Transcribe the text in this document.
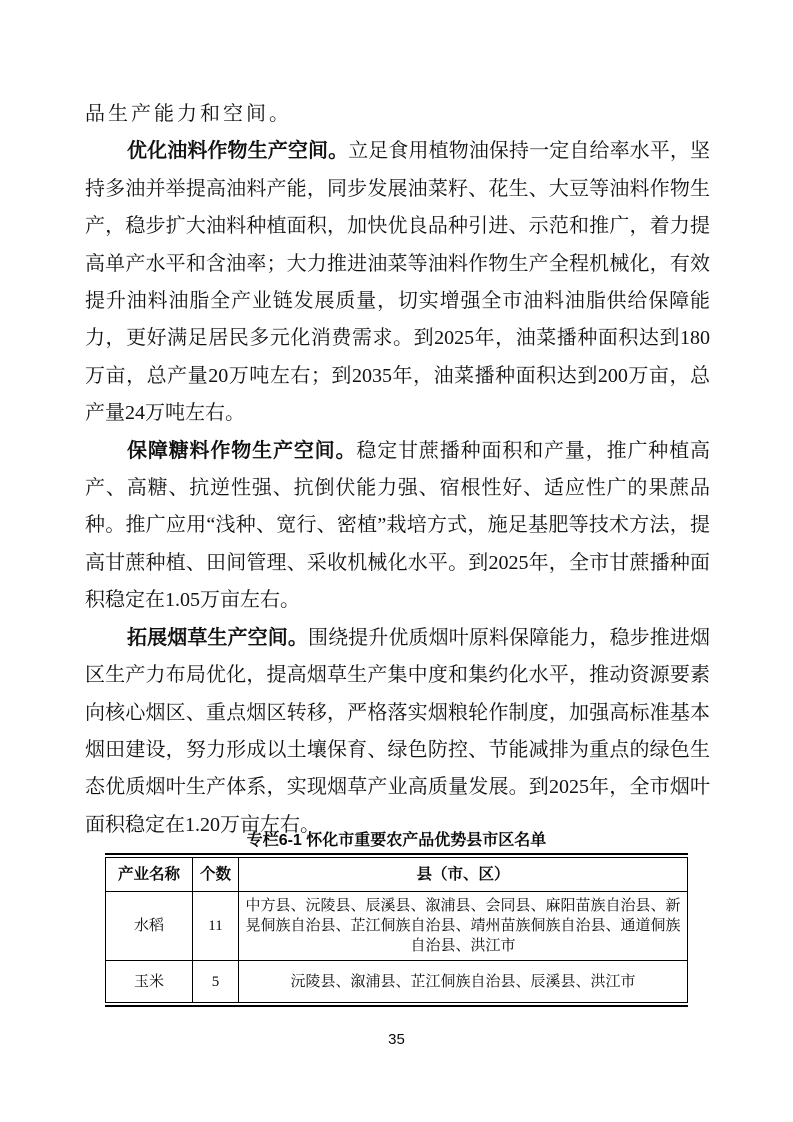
品生产能力和空间。

优化油料作物生产空间。立足食用植物油保持一定自给率水平，坚持多油并举提高油料产能，同步发展油菜籽、花生、大豆等油料作物生产，稳步扩大油料种植面积，加快优良品种引进、示范和推广，着力提高单产水平和含油率；大力推进油菜等油料作物生产全程机械化，有效提升油料油脂全产业链发展质量，切实增强全市油料油脂供给保障能力，更好满足居民多元化消费需求。到2025年，油菜播种面积达到180万亩，总产量20万吨左右；到2035年，油菜播种面积达到200万亩，总产量24万吨左右。

保障糖料作物生产空间。稳定甘蔗播种面积和产量，推广种植高产、高糖、抗逆性强、抗倒伏能力强、宿根性好、适应性广的果蔗品种。推广应用“浅种、宽行、密植”栽培方式，施足基肥等技术方法，提高甘蔗种植、田间管理、采收机械化水平。到2025年，全市甘蔗播种面积稳定在1.05万亩左右。

拓展烟草生产空间。围绕提升优质烟叶原料保障能力，稳步推进烟区生产力布局优化，提高烟草生产集中度和集约化水平，推动资源要素向核心烟区、重点烟区转移，严格落实烟粮轮作制度，加强高标准基本烟田建设，努力形成以土壤保育、绿色防控、节能减排为重点的绿色生态优质烟叶生产体系，实现烟草产业高质量发展。到2025年，全市烟叶面积稳定在1.20万亩左右。

专栏6-1 怀化市重要农产品优势县市区名单
产业名称	个数	县（市、区）
水稻	11	中方县、沅陵县、辰溪县、溆浦县、会同县、麻阳苗族自治县、新晃侗族自治县、芷江侗族自治县、靖州苗族侗族自治县、通道侗族自治县、洪江市
玉米	5	沅陵县、溆浦县、芷江侗族自治县、辰溪县、洪江市
35
